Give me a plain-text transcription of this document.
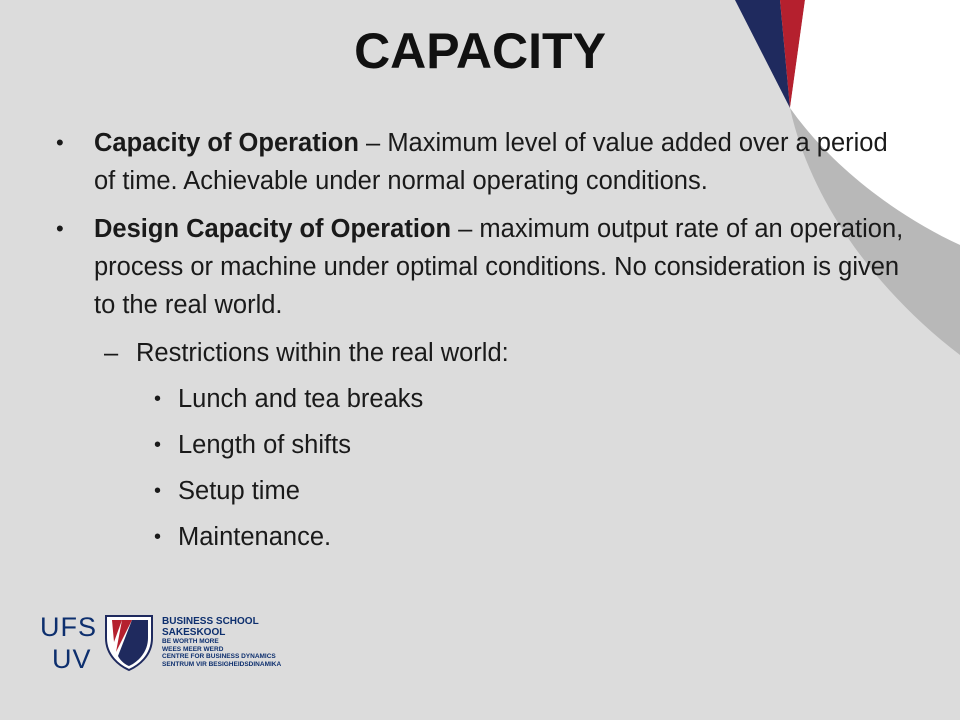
CAPACITY
• Capacity of Operation – Maximum level of value added over a period of time. Achievable under normal operating conditions.
• Design Capacity of Operation – maximum output rate of an operation, process or machine under optimal conditions. No consideration is given to the real world.
– Restrictions within the real world:
• Lunch and tea breaks
• Length of shifts
• Setup time
• Maintenance.
UFS
UV
BUSINESS SCHOOL
SAKESKOOL
BE WORTH MORE
WEES MEER WERD
CENTRE FOR BUSINESS DYNAMICS
SENTRUM VIR BESIGHEIDSDINAMIKA
